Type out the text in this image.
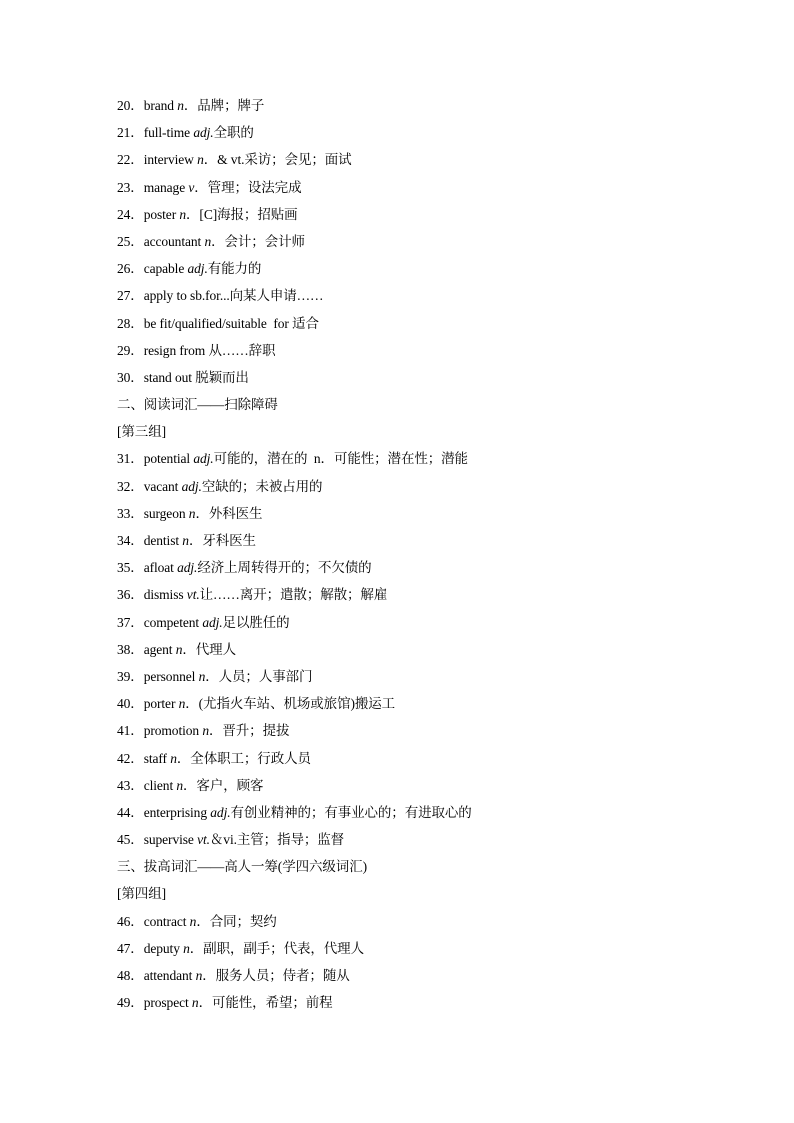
20．brand n．品牌；牌子
21．full-time adj.全职的
22．interview n．& vt.采访；会见；面试
23．manage v．管理；设法完成
24．poster n．[C]海报；招贴画
25．accountant n．会计；会计师
26．capable adj.有能力的
27．apply to sb.for...向某人申请……
28．be fit/qualified/suitable  for 适合
29．resign from 从……辞职
30．stand out 脱颖而出
二、阅读词汇——扫除障碍
[第三组]
31．potential adj.可能的，潜在的  n．可能性；潜在性；潜能
32．vacant adj.空缺的；未被占用的
33．surgeon n．外科医生
34．dentist n．牙科医生
35．afloat adj.经济上周转得开的；不欠债的
36．dismiss vt.让……离开；遣散；解散；解雇
37．competent adj.足以胜任的
38．agent n．代理人
39．personnel n．人员；人事部门
40．porter n．(尤指火车站、机场或旅馆)搬运工
41．promotion n．晋升；提拔
42．staff n．全体职工；行政人员
43．client n．客户，顾客
44．enterprising adj.有创业精神的；有事业心的；有进取心的
45．supervise vt.＆vi.主管；指导；监督
三、拔高词汇——高人一筹(学四六级词汇)
[第四组]
46．contract n．合同；契约
47．deputy n．副职，副手；代表，代理人
48．attendant n．服务人员；侍者；随从
49．prospect n．可能性，希望；前程
